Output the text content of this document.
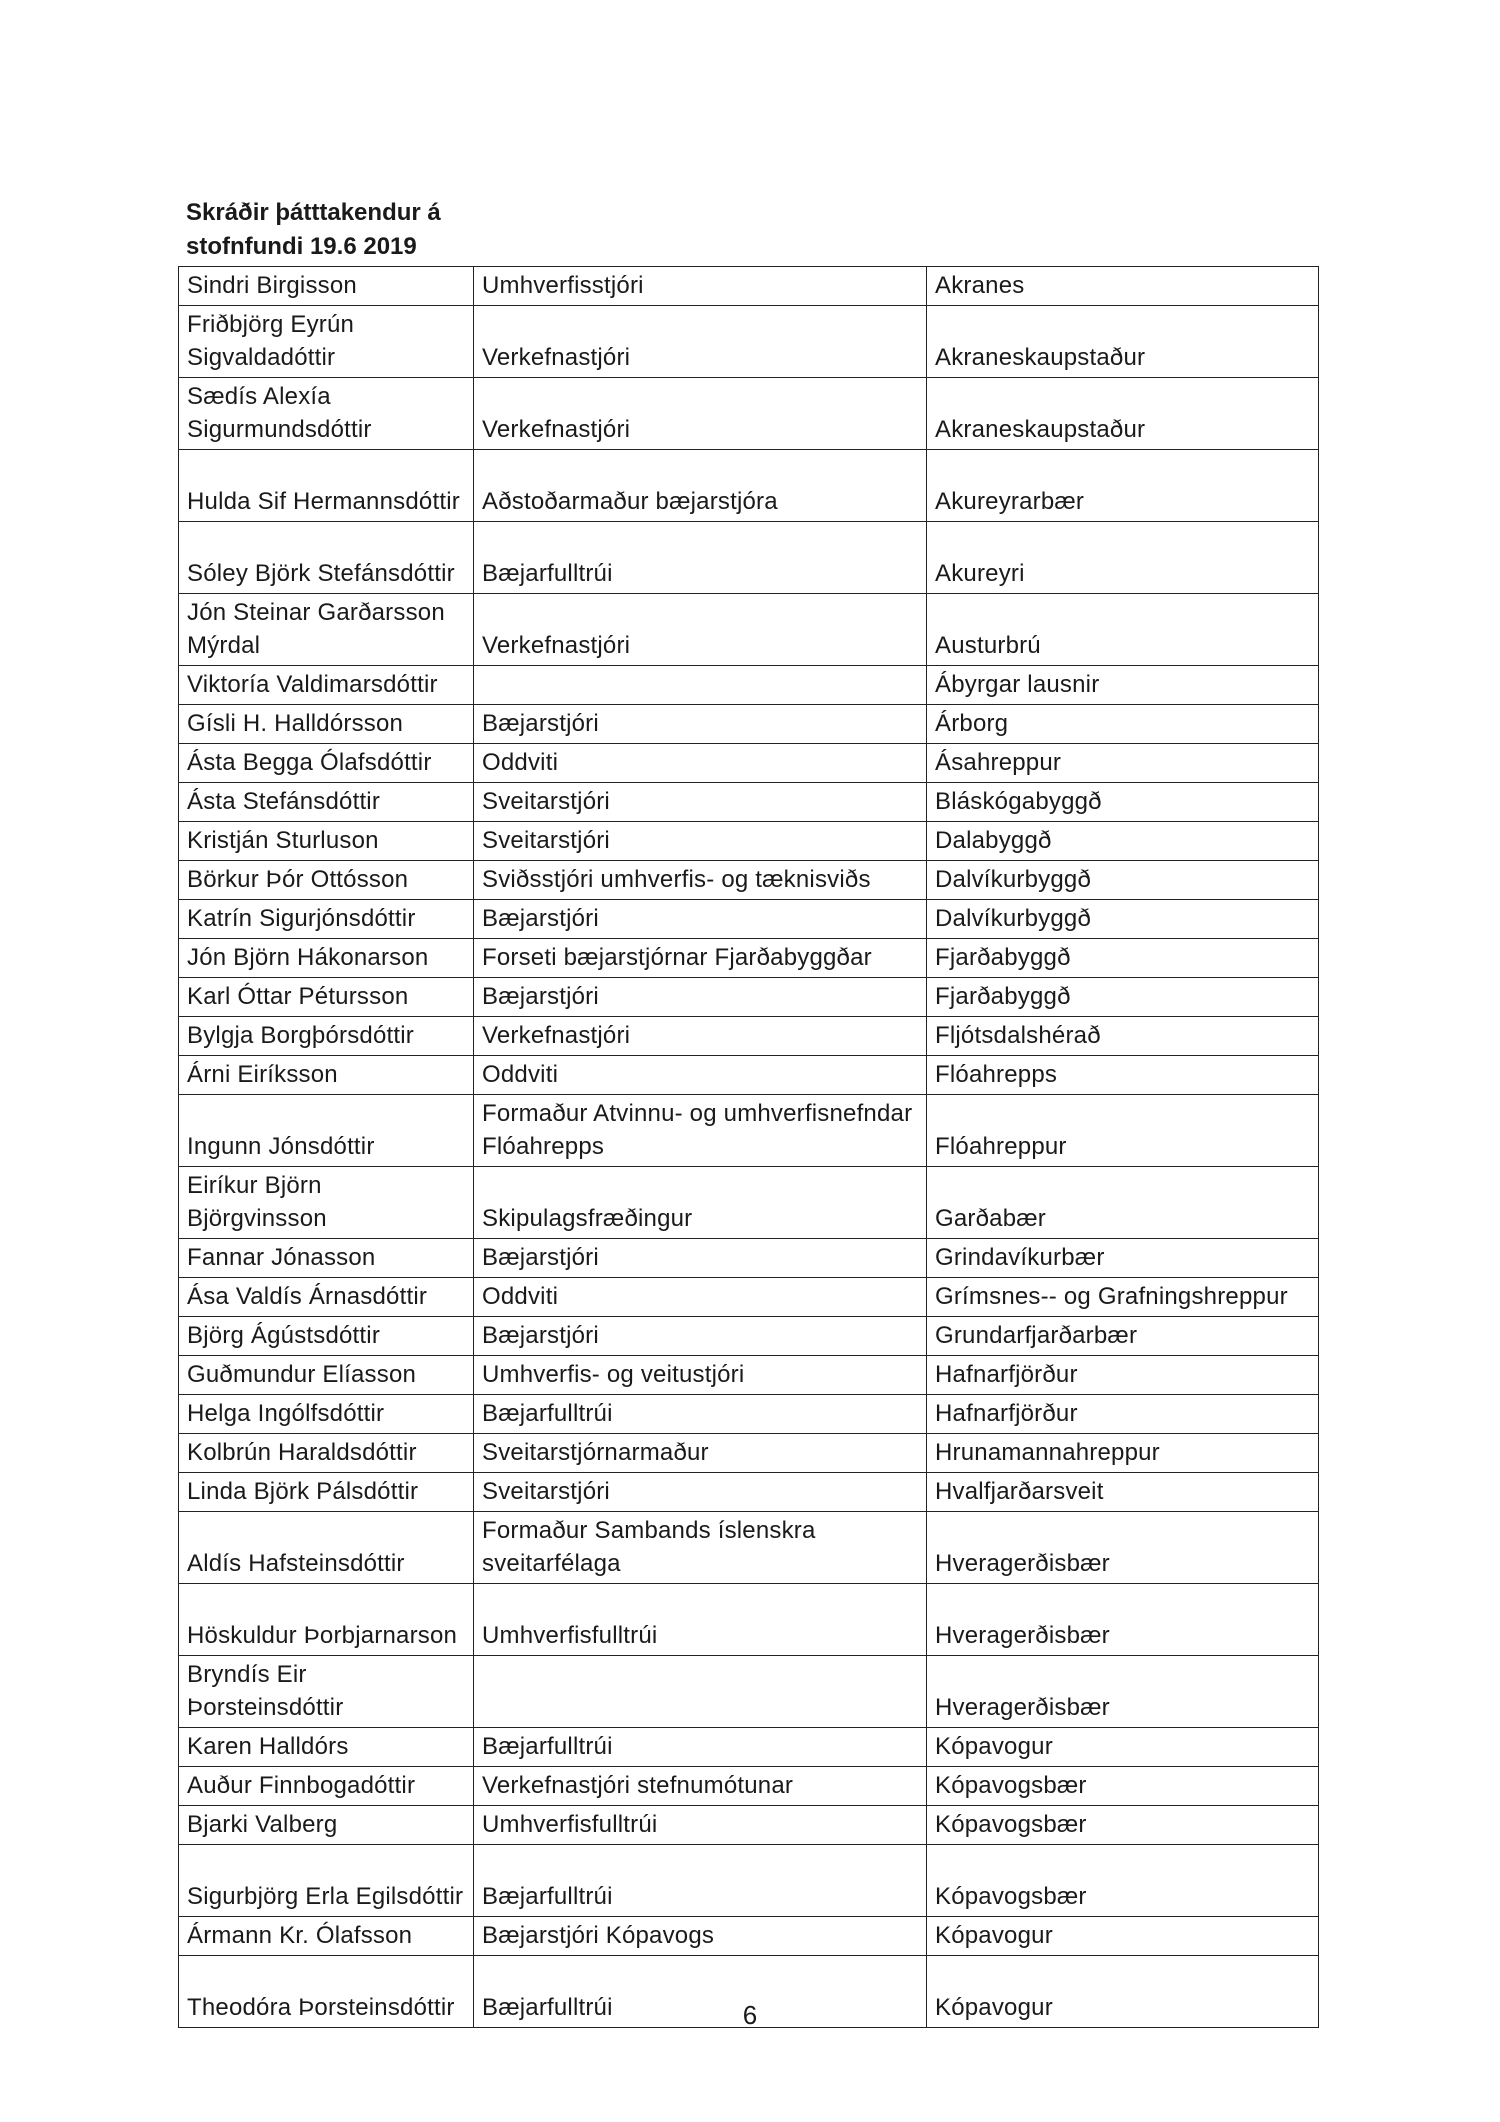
Skráðir þátttakendur á
stofnfundi 19.6 2019
Sindri Birgisson	Umhverfisstjóri	Akranes
Friðbjörg Eyrún Sigvaldadóttir	Verkefnastjóri	Akraneskaupstaður
Sædís Alexía Sigurmundsdóttir	Verkefnastjóri	Akraneskaupstaður
Hulda Sif Hermannsdóttir	Aðstoðarmaður bæjarstjóra	Akureyrarbær
Sóley Björk Stefánsdóttir	Bæjarfulltrúi	Akureyri
Jón Steinar Garðarsson Mýrdal	Verkefnastjóri	Austurbrú
Viktoría Valdimarsdóttir		Ábyrgar lausnir
Gísli H. Halldórsson	Bæjarstjóri	Árborg
Ásta Begga Ólafsdóttir	Oddviti	Ásahreppur
Ásta Stefánsdóttir	Sveitarstjóri	Bláskógabyggð
Kristján Sturluson	Sveitarstjóri	Dalabyggð
Börkur Þór Ottósson	Sviðsstjóri umhverfis- og tæknisviðs	Dalvíkurbyggð
Katrín Sigurjónsdóttir	Bæjarstjóri	Dalvíkurbyggð
Jón Björn Hákonarson	Forseti bæjarstjórnar Fjarðabyggðar	Fjarðabyggð
Karl Óttar Pétursson	Bæjarstjóri	Fjarðabyggð
Bylgja Borgþórsdóttir	Verkefnastjóri	Fljótsdalshérað
Árni Eiríksson	Oddviti	Flóahrepps
Ingunn Jónsdóttir	Formaður Atvinnu- og umhverfisnefndar Flóahrepps	Flóahreppur
Eiríkur Björn Björgvinsson	Skipulagsfræðingur	Garðabær
Fannar Jónasson	Bæjarstjóri	Grindavíkurbær
Ása Valdís Árnasdóttir	Oddviti	Grímsnes-- og Grafningshreppur
Björg Ágústsdóttir	Bæjarstjóri	Grundarfjarðarbær
Guðmundur Elíasson	Umhverfis- og veitustjóri	Hafnarfjörður
Helga Ingólfsdóttir	Bæjarfulltrúi	Hafnarfjörður
Kolbrún Haraldsdóttir	Sveitarstjórnarmaður	Hrunamannahreppur
Linda Björk Pálsdóttir	Sveitarstjóri	Hvalfjarðarsveit
Aldís Hafsteinsdóttir	Formaður Sambands íslenskra sveitarfélaga	Hveragerðisbær
Höskuldur Þorbjarnarson	Umhverfisfulltrúi	Hveragerðisbær
Bryndís Eir Þorsteinsdóttir		Hveragerðisbær
Karen Halldórs	Bæjarfulltrúi	Kópavogur
Auður Finnbogadóttir	Verkefnastjóri stefnumótunar	Kópavogsbær
Bjarki Valberg	Umhverfisfulltrúi	Kópavogsbær
Sigurbjörg Erla Egilsdóttir	Bæjarfulltrúi	Kópavogsbær
Ármann Kr. Ólafsson	Bæjarstjóri Kópavogs	Kópavogur
Theodóra Þorsteinsdóttir	Bæjarfulltrúi	Kópavogur
6
